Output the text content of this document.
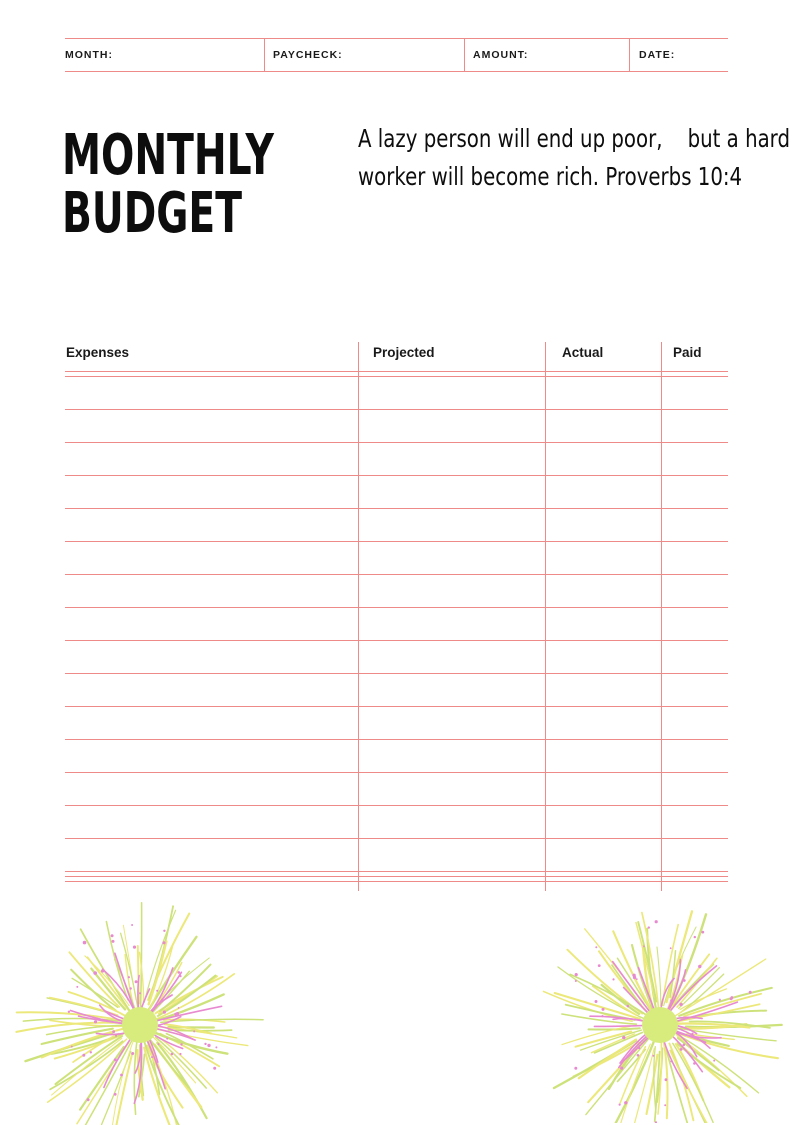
MONTH:	PAYCHECK:	AMOUNT:	DATE:
MONTHLY
BUDGET

A lazy person will end up poor,    but a hard
worker will become rich. Proverbs 10:4

Expenses	Projected	Actual	Paid
